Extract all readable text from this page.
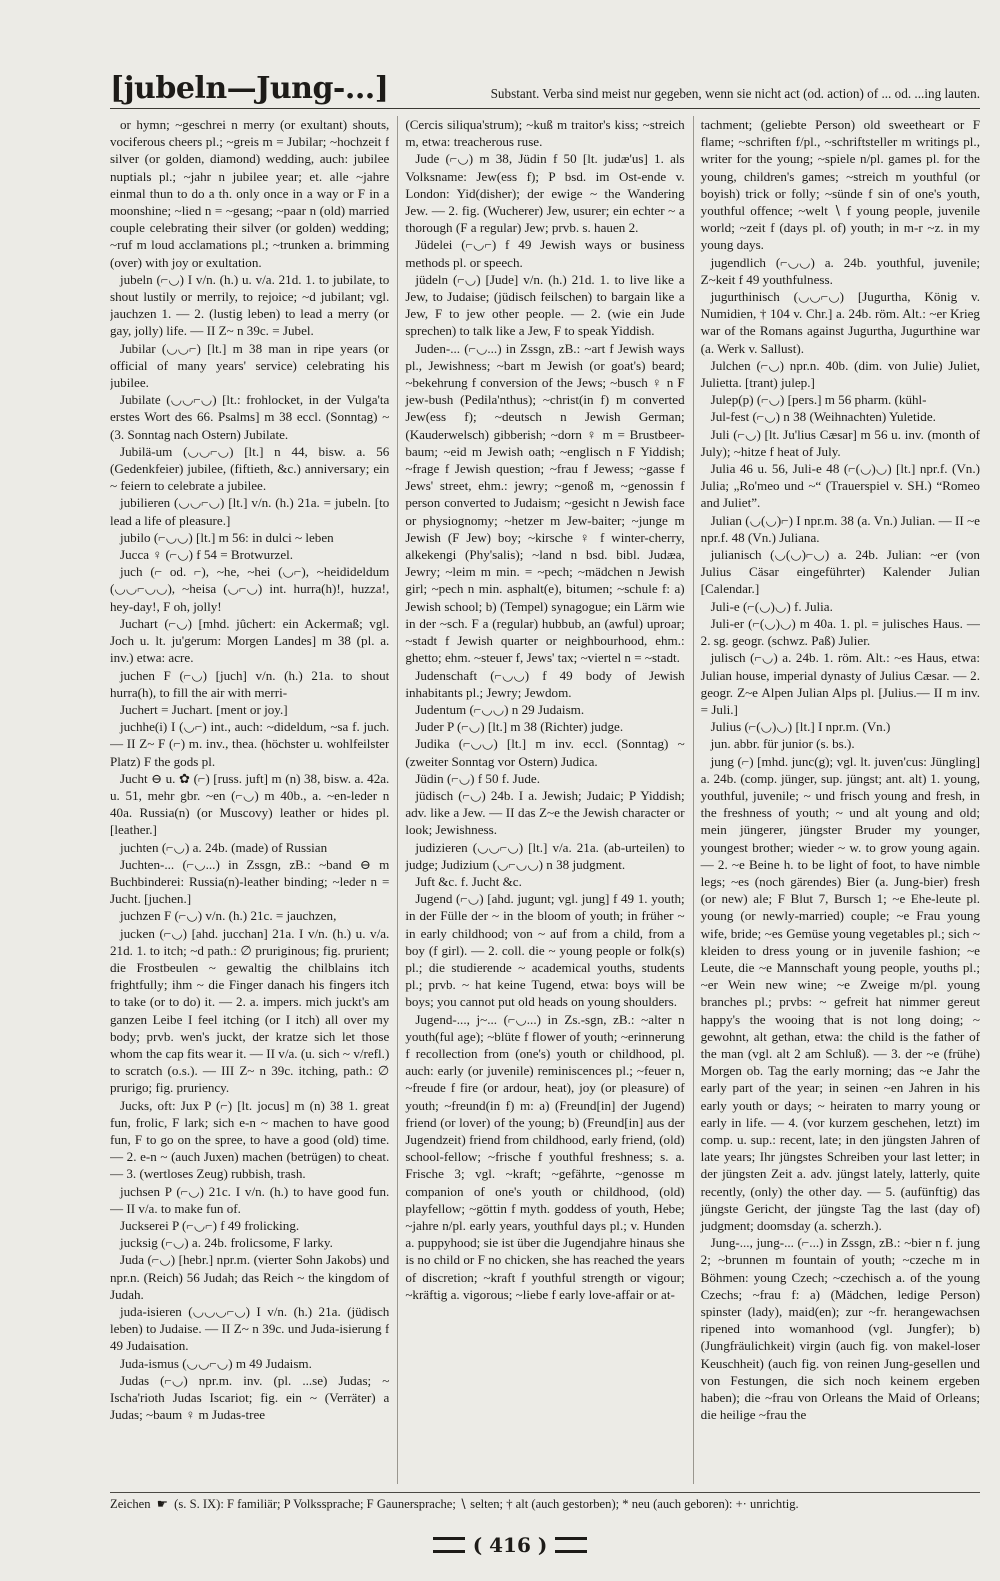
[jubeln—Jung-...]	Substant. Verba sind meist nur gegeben, wenn sie nicht act (od. action) of ... od. ...ing lauten.

or hymn; ~geschrei n merry (or exultant) shouts, vociferous cheers pl.; ~greis m = Jubilar; ~hochzeit f silver (or golden, diamond) wedding, auch: jubilee nuptials pl.; ~jahr n jubilee year; et. alle ~jahre einmal thun to do a th. only once in a way or F in a moonshine; ~lied n = ~gesang; ~paar n (old) married couple celebrating their silver (or golden) wedding; ~ruf m loud acclamations pl.; ~trunken a. brimming (over) with joy or exultation.

jubeln (⌐◡) I v/n. (h.) u. v/a. 21d. 1. to jubilate, to shout lustily or merrily, to rejoice; ~d jubilant; vgl. jauchzen 1. — 2. (lustig leben) to lead a merry (or gay, jolly) life. — II Z~ n 39c. = Jubel.

Jubilar (◡◡⌐) [lt.] m 38 man in ripe years (or official of many years' service) celebrating his jubilee.

Jubilate (◡◡⌐◡) [lt.: frohlocket, in der Vulga'ta erstes Wort des 66. Psalms] m 38 eccl. (Sonntag) ~ (3. Sonntag nach Ostern) Jubilate.

Jubilä-um (◡◡⌐◡) [lt.] n 44, bisw. a. 56 (Gedenkfeier) jubilee, (fiftieth, &c.) anniversary; ein ~ feiern to celebrate a jubilee.

jubilieren (◡◡⌐◡) [lt.] v/n. (h.) 21a. = jubeln. [to lead a life of pleasure.]

jubilo (⌐◡◡) [lt.] m 56: in dulci ~ leben

Jucca ♀ (⌐◡) f 54 = Brotwurzel.

juch (⌐ od. ⌐), ~he, ~hei (◡⌐), ~heidideldum (◡◡⌐◡◡), ~heisa (◡⌐◡) int. hurra(h)!, huzza!, hey-day!, F oh, jolly!

Juchart (⌐◡) [mhd. jûchert: ein Ackermaß; vgl. Joch u. lt. ju'gerum: Morgen Landes] m 38 (pl. a. inv.) etwa: acre.

juchen F (⌐◡) [juch] v/n. (h.) 21a. to shout hurra(h), to fill the air with merri-

Juchert = Juchart. [ment or joy.]

juchhe(i) I (◡⌐) int., auch: ~dideldum, ~sa f. juch. — II Z~ F (⌐) m. inv., thea. (höchster u. wohlfeilster Platz) F the gods pl.

Jucht ⊖ u. ✿ (⌐) [russ. juft] m (n) 38, bisw. a. 42a. u. 51, mehr gbr. ~en (⌐◡) m 40b., a. ~en-leder n 40a. Russia(n) (or Muscovy) leather or hides pl. [leather.]

juchten (⌐◡) a. 24b. (made) of Russian

Juchten-... (⌐◡...) in Zssgn, zB.: ~band ⊖ m Buchbinderei: Russia(n)-leather binding; ~leder n = Jucht. [juchen.]

juchzen F (⌐◡) v/n. (h.) 21c. = jauchzen,

jucken (⌐◡) [ahd. jucchan] 21a. I v/n. (h.) u. v/a. 21d. 1. to itch; ~d path.: ∅ pruriginous; fig. prurient; die Frostbeulen ~ gewaltig the chilblains itch frightfully; ihm ~ die Finger danach his fingers itch to take (or to do) it. — 2. a. impers. mich juckt's am ganzen Leibe I feel itching (or I itch) all over my body; prvb. wen's juckt, der kratze sich let those whom the cap fits wear it. — II v/a. (u. sich ~ v/refl.) to scratch (o.s.). — III Z~ n 39c. itching, path.: ∅ prurigo; fig. pruriency.

Jucks, oft: Jux P (⌐) [lt. jocus] m (n) 38 1. great fun, frolic, F lark; sich e-n ~ machen to have good fun, F to go on the spree, to have a good (old) time. — 2. e-n ~ (auch Juxen) machen (betrügen) to cheat. — 3. (wertloses Zeug) rubbish, trash.

juchsen P (⌐◡) 21c. I v/n. (h.) to have good fun. — II v/a. to make fun of.

Juckserei P (⌐◡⌐) f 49 frolicking.

jucksig (⌐◡) a. 24b. frolicsome, F larky.

Juda (⌐◡) [hebr.] npr.m. (vierter Sohn Jakobs) und npr.n. (Reich) 56 Judah; das Reich ~ the kingdom of Judah.

juda-isieren (◡◡◡⌐◡) I v/n. (h.) 21a. (jüdisch leben) to Judaise. — II Z~ n 39c. und Juda-isierung f 49 Judaisation.

Juda-ismus (◡◡⌐◡) m 49 Judaism.

Judas (⌐◡) npr.m. inv. (pl. ...se) Judas; ~ Ischa'rioth Judas Iscariot; fig. ein ~ (Verräter) a Judas; ~baum ♀ m Judas-tree

(Cercis siliqua'strum); ~kuß m traitor's kiss; ~streich m, etwa: treacherous ruse.

Jude (⌐◡) m 38, Jüdin f 50 [lt. judæ'us] 1. als Volksname: Jew(ess f); P bsd. im Ost-ende v. London: Yid(disher); der ewige ~ the Wandering Jew. — 2. fig. (Wucherer) Jew, usurer; ein echter ~ a thorough (F a regular) Jew; prvb. s. hauen 2.

Jüdelei (⌐◡⌐) f 49 Jewish ways or business methods pl. or speech.

jüdeln (⌐◡) [Jude] v/n. (h.) 21d. 1. to live like a Jew, to Judaise; (jüdisch feilschen) to bargain like a Jew, F to jew other people. — 2. (wie ein Jude sprechen) to talk like a Jew, F to speak Yiddish.

Juden-... (⌐◡...) in Zssgn, zB.: ~art f Jewish ways pl., Jewishness; ~bart m Jewish (or goat's) beard; ~bekehrung f conversion of the Jews; ~busch ♀ n F jew-bush (Pedila'nthus); ~christ(in f) m converted Jew(ess f); ~deutsch n Jewish German; (Kauderwelsch) gibberish; ~dorn ♀ m = Brustbeer-baum; ~eid m Jewish oath; ~englisch n F Yiddish; ~frage f Jewish question; ~frau f Jewess; ~gasse f Jews' street, ehm.: jewry; ~genoß m, ~genossin f person converted to Judaism; ~gesicht n Jewish face or physiognomy; ~hetzer m Jew-baiter; ~junge m Jewish (F Jew) boy; ~kirsche ♀ f winter-cherry, alkekengi (Phy'salis); ~land n bsd. bibl. Judæa, Jewry; ~leim m min. = ~pech; ~mädchen n Jewish girl; ~pech n min. asphalt(e), bitumen; ~schule f: a) Jewish school; b) (Tempel) synagogue; ein Lärm wie in der ~sch. F a (regular) hubbub, an (awful) uproar; ~stadt f Jewish quarter or neighbourhood, ehm.: ghetto; ehm. ~steuer f, Jews' tax; ~viertel n = ~stadt.

Judenschaft (⌐◡◡) f 49 body of Jewish inhabitants pl.; Jewry; Jewdom.

Judentum (⌐◡◡) n 29 Judaism.

Juder P (⌐◡) [lt.] m 38 (Richter) judge.

Judika (⌐◡◡) [lt.] m inv. eccl. (Sonntag) ~ (zweiter Sonntag vor Ostern) Judica.

Jüdin (⌐◡) f 50 f. Jude.

jüdisch (⌐◡) 24b. I a. Jewish; Judaic; P Yiddish; adv. like a Jew. — II das Z~e the Jewish character or look; Jewishness.

judizieren (◡◡⌐◡) [lt.] v/a. 21a. (ab-urteilen) to judge; Judizium (◡⌐◡◡) n 38 judgment.

Juft &c. f. Jucht &c.

Jugend (⌐◡) [ahd. jugunt; vgl. jung] f 49 1. youth; in der Fülle der ~ in the bloom of youth; in früher ~ in early childhood; von ~ auf from a child, from a boy (f girl). — 2. coll. die ~ young people or folk(s) pl.; die studierende ~ academical youths, students pl.; prvb. ~ hat keine Tugend, etwa: boys will be boys; you cannot put old heads on young shoulders.

Jugend-..., j~... (⌐◡...) in Zs.-sgn, zB.: ~alter n youth(ful age); ~blüte f flower of youth; ~erinnerung f recollection from (one's) youth or childhood, pl. auch: early (or juvenile) reminiscences pl.; ~feuer n, ~freude f fire (or ardour, heat), joy (or pleasure) of youth; ~freund(in f) m: a) (Freund[in] der Jugend) friend (or lover) of the young; b) (Freund[in] aus der Jugendzeit) friend from childhood, early friend, (old) school-fellow; ~frische f youthful freshness; s. a. Frische 3; vgl. ~kraft; ~gefährte, ~genosse m companion of one's youth or childhood, (old) playfellow; ~göttin f myth. goddess of youth, Hebe; ~jahre n/pl. early years, youthful days pl.; v. Hunden a. puppyhood; sie ist über die Jugendjahre hinaus she is no child or F no chicken, she has reached the years of discretion; ~kraft f youthful strength or vigour; ~kräftig a. vigorous; ~liebe f early love-affair or at-

tachment; (geliebte Person) old sweetheart or F flame; ~schriften f/pl., ~schriftsteller m writings pl., writer for the young; ~spiele n/pl. games pl. for the young, children's games; ~streich m youthful (or boyish) trick or folly; ~sünde f sin of one's youth, youthful offence; ~welt ∖ f young people, juvenile world; ~zeit f (days pl. of) youth; in m-r ~z. in my young days.

jugendlich (⌐◡◡) a. 24b. youthful, juvenile; Z~keit f 49 youthfulness.

jugurthinisch (◡◡⌐◡) [Jugurtha, König v. Numidien, † 104 v. Chr.] a. 24b. röm. Alt.: ~er Krieg war of the Romans against Jugurtha, Jugurthine war (a. Werk v. Sallust).

Julchen (⌐◡) npr.n. 40b. (dim. von Julie) Juliet, Julietta. [trant) julep.]

Julep(p) (⌐◡) [pers.] m 56 pharm. (kühl-

Jul-fest (⌐◡) n 38 (Weihnachten) Yuletide.

Juli (⌐◡) [lt. Ju'lius Cæsar] m 56 u. inv. (month of July); ~hitze f heat of July.

Julia 46 u. 56, Juli-e 48 (⌐(◡)◡) [lt.] npr.f. (Vn.) Julia; „Ro'meo und ~“ (Trauerspiel v. SH.) “Romeo and Juliet”.

Julian (◡(◡)⌐) I npr.m. 38 (a. Vn.) Julian. — II ~e npr.f. 48 (Vn.) Juliana.

julianisch (◡(◡)⌐◡) a. 24b. Julian: ~er (von Julius Cäsar eingeführter) Kalender Julian [Calendar.]

Juli-e (⌐(◡)◡) f. Julia.

Juli-er (⌐(◡)◡) m 40a. 1. pl. = julisches Haus. — 2. sg. geogr. (schwz. Paß) Julier.

julisch (⌐◡) a. 24b. 1. röm. Alt.: ~es Haus, etwa: Julian house, imperial dynasty of Julius Cæsar. — 2. geogr. Z~e Alpen Julian Alps pl. [Julius.— II m inv. = Juli.]

Julius (⌐(◡)◡) [lt.] I npr.m. (Vn.)

jun. abbr. für junior (s. bs.).

jung (⌐) [mhd. junc(g); vgl. lt. juven'cus: Jüngling] a. 24b. (comp. jünger, sup. jüngst; ant. alt) 1. young, youthful, juvenile; ~ und frisch young and fresh, in the freshness of youth; ~ und alt young and old; mein jüngerer, jüngster Bruder my younger, youngest brother; wieder ~ w. to grow young again. — 2. ~e Beine h. to be light of foot, to have nimble legs; ~es (noch gärendes) Bier (a. Jung-bier) fresh (or new) ale; F Blut 7, Bursch 1; ~e Ehe-leute pl. young (or newly-married) couple; ~e Frau young wife, bride; ~es Gemüse young vegetables pl.; sich ~ kleiden to dress young or in juvenile fashion; ~e Leute, die ~e Mannschaft young people, youths pl.; ~er Wein new wine; ~e Zweige m/pl. young branches pl.; prvbs: ~ gefreit hat nimmer gereut happy's the wooing that is not long doing; ~ gewohnt, alt gethan, etwa: the child is the father of the man (vgl. alt 2 am Schluß). — 3. der ~e (frühe) Morgen ob. Tag the early morning; das ~e Jahr the early part of the year; in seinen ~en Jahren in his early youth or days; ~ heiraten to marry young or early in life. — 4. (vor kurzem geschehen, letzt) im comp. u. sup.: recent, late; in den jüngsten Jahren of late years; Ihr jüngstes Schreiben your last letter; in der jüngsten Zeit a. adv. jüngst lately, latterly, quite recently, (only) the other day. — 5. (aufünftig) das jüngste Gericht, der jüngste Tag the last (day of) judgment; doomsday (a. scherzh.).

Jung-..., jung-... (⌐...) in Zssgn, zB.: ~bier n f. jung 2; ~brunnen m fountain of youth; ~czeche m in Böhmen: young Czech; ~czechisch a. of the young Czechs; ~frau f: a) (Mädchen, ledige Person) spinster (lady), maid(en); zur ~fr. herangewachsen ripened into womanhood (vgl. Jungfer); b) (Jungfräulichkeit) virgin (auch fig. von makel-loser Keuschheit) (auch fig. von reinen Jung-gesellen und von Festungen, die sich noch keinem ergeben haben); die ~frau von Orleans the Maid of Orleans; die heilige ~frau the

Zeichen ☛ (s. S. IX): F familiär; P Volkssprache; F Gaunersprache; ∖ selten; † alt (auch gestorben); * neu (auch geboren): +· unrichtig.
( 416 )
